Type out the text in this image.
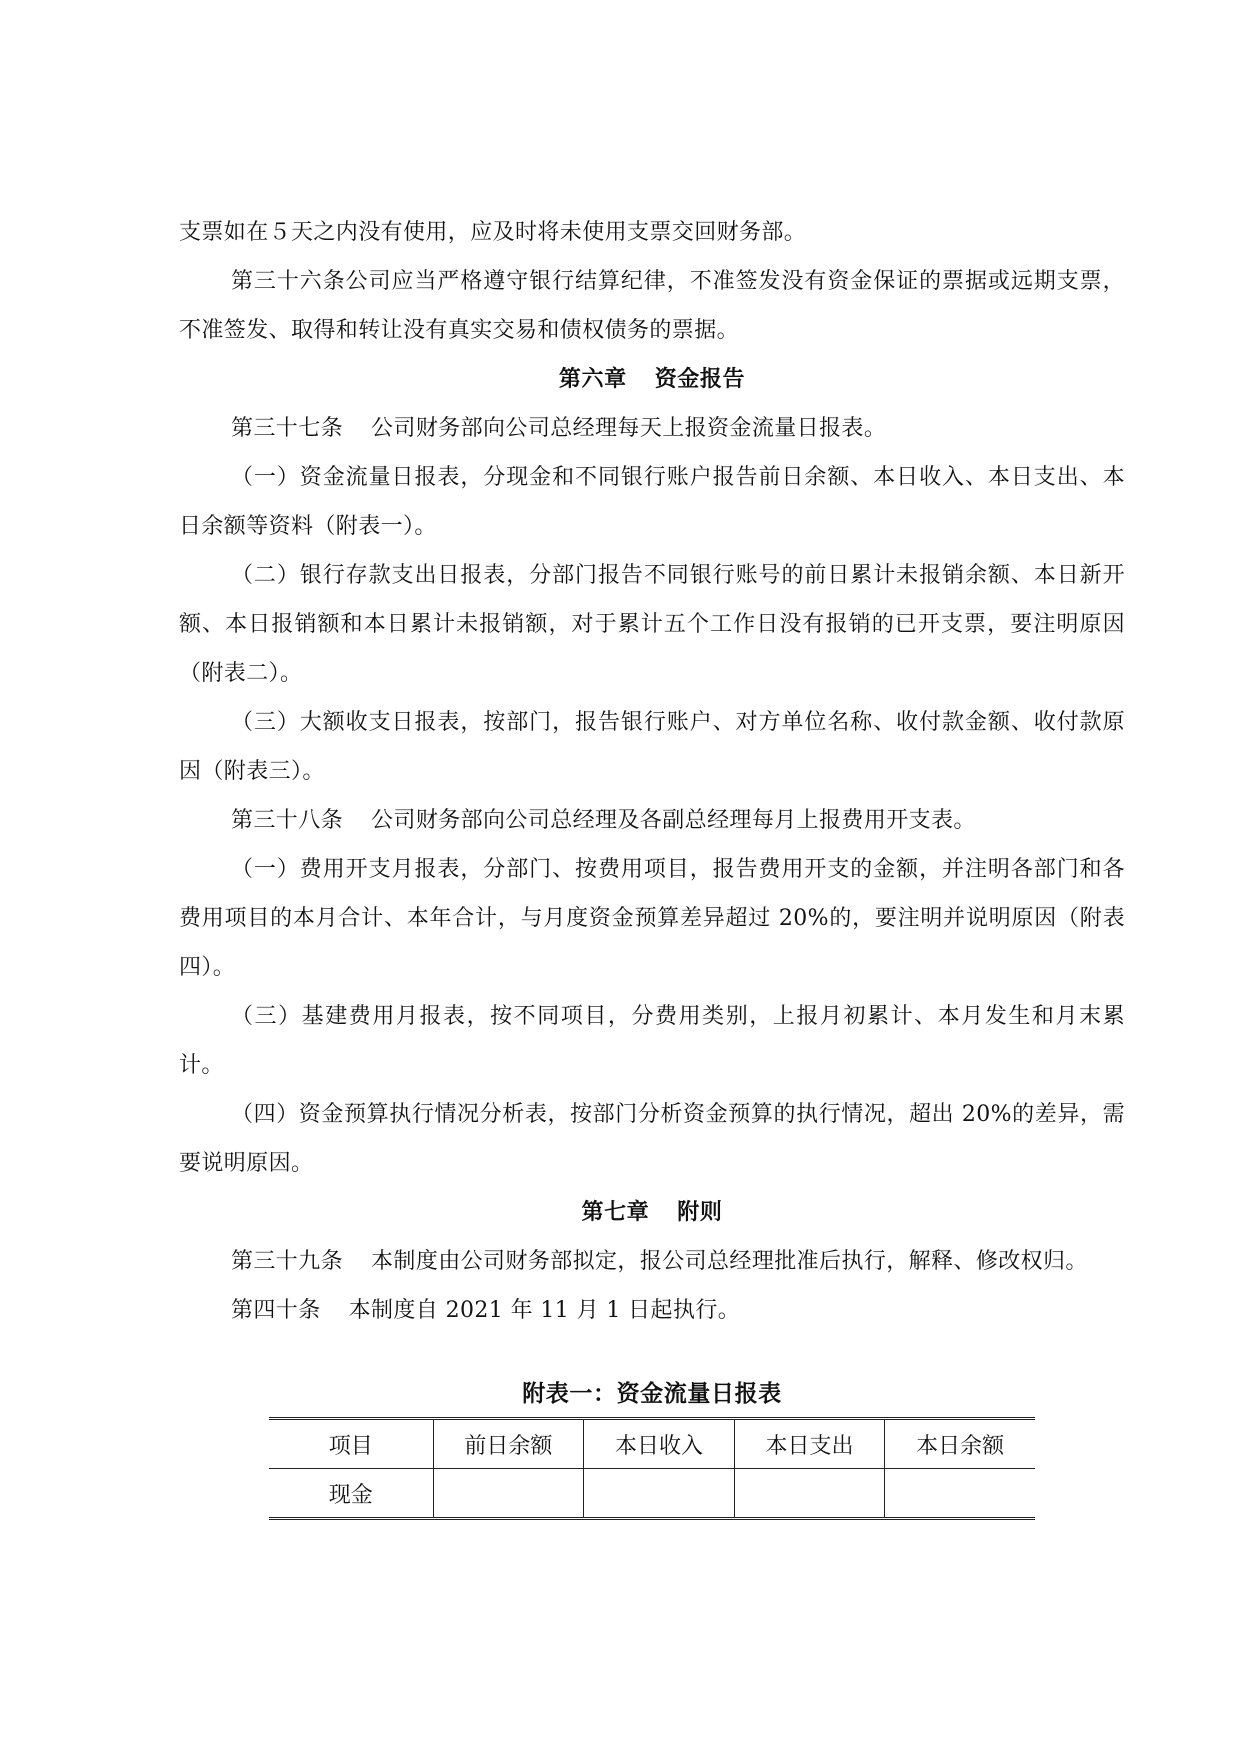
支票如在５天之内没有使用，应及时将未使用支票交回财务部。

第三十六条公司应当严格遵守银行结算纪律，不准签发没有资金保证的票据或远期支票，不准签发、取得和转让没有真实交易和债权债务的票据。

第六章 资金报告

第三十七条 公司财务部向公司总经理每天上报资金流量日报表。

（一）资金流量日报表，分现金和不同银行账户报告前日余额、本日收入、本日支出、本日余额等资料（附表一）。

（二）银行存款支出日报表，分部门报告不同银行账号的前日累计未报销余额、本日新开额、本日报销额和本日累计未报销额，对于累计五个工作日没有报销的已开支票，要注明原因（附表二）。

（三）大额收支日报表，按部门，报告银行账户、对方单位名称、收付款金额、收付款原因（附表三）。

第三十八条 公司财务部向公司总经理及各副总经理每月上报费用开支表。

（一）费用开支月报表，分部门、按费用项目，报告费用开支的金额，并注明各部门和各费用项目的本月合计、本年合计，与月度资金预算差异超过 20%的，要注明并说明原因（附表四）。

（三）基建费用月报表，按不同项目，分费用类别，上报月初累计、本月发生和月末累计。

（四）资金预算执行情况分析表，按部门分析资金预算的执行情况，超出 20%的差异，需要说明原因。

第七章 附则

第三十九条 本制度由公司财务部拟定，报公司总经理批准后执行，解释、修改权归。

第四十条 本制度自 2021 年 11 月 1 日起执行。

附表一：资金流量日报表
项目	前日余额	本日收入	本日支出	本日余额
现金				
